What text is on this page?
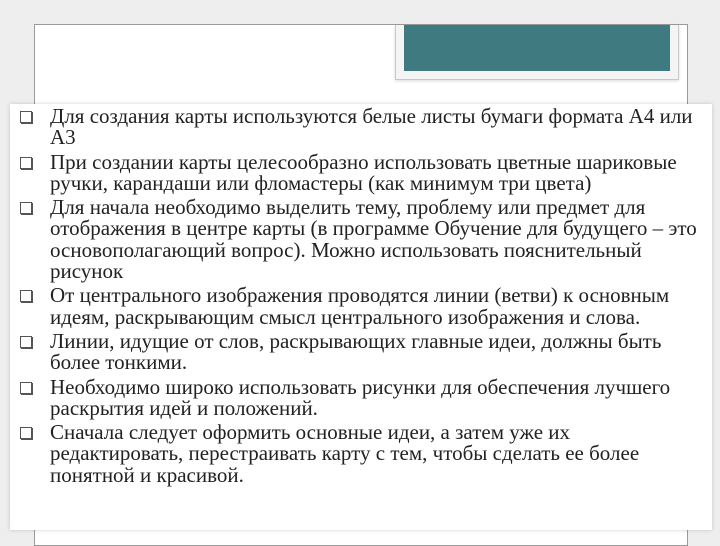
Для создания карты используются белые листы бумаги формата А4 или А3
При создании карты целесообразно использовать цветные шариковые ручки, карандаши или фломастеры (как минимум три цвета)
Для начала необходимо выделить тему, проблему или предмет для отображения в центре карты (в программе Обучение для будущего – это основополагающий вопрос). Можно использовать пояснительный рисунок
От центрального изображения проводятся линии (ветви) к основным идеям, раскрывающим смысл центрального изображения и слова.
Линии, идущие от слов, раскрывающих главные идеи, должны быть более тонкими.
Необходимо широко использовать рисунки для обеспечения лучшего раскрытия идей и положений.
Сначала следует оформить основные идеи, а затем уже их редактировать, перестраивать карту с тем, чтобы сделать ее более понятной и красивой.
